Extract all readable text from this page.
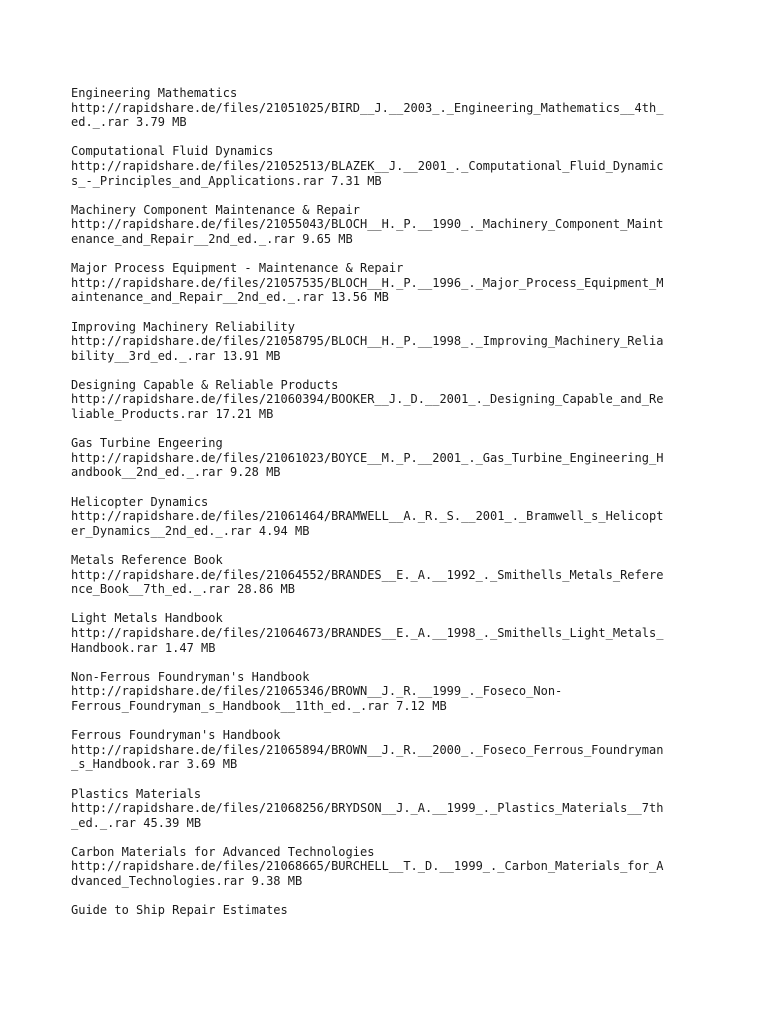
Engineering Mathematics
http://rapidshare.de/files/21051025/BIRD__J.__2003_._Engineering_Mathematics__4th_
ed._.rar 3.79 MB
Computational Fluid Dynamics
http://rapidshare.de/files/21052513/BLAZEK__J.__2001_._Computational_Fluid_Dynamic
s_-_Principles_and_Applications.rar 7.31 MB
Machinery Component Maintenance & Repair
http://rapidshare.de/files/21055043/BLOCH__H._P.__1990_._Machinery_Component_Maint
enance_and_Repair__2nd_ed._.rar 9.65 MB
Major Process Equipment - Maintenance & Repair
http://rapidshare.de/files/21057535/BLOCH__H._P.__1996_._Major_Process_Equipment_M
aintenance_and_Repair__2nd_ed._.rar 13.56 MB
Improving Machinery Reliability
http://rapidshare.de/files/21058795/BLOCH__H._P.__1998_._Improving_Machinery_Relia
bility__3rd_ed._.rar 13.91 MB
Designing Capable & Reliable Products
http://rapidshare.de/files/21060394/BOOKER__J._D.__2001_._Designing_Capable_and_Re
liable_Products.rar 17.21 MB
Gas Turbine Engeering
http://rapidshare.de/files/21061023/BOYCE__M._P.__2001_._Gas_Turbine_Engineering_H
andbook__2nd_ed._.rar 9.28 MB
Helicopter Dynamics
http://rapidshare.de/files/21061464/BRAMWELL__A._R._S.__2001_._Bramwell_s_Helicopt
er_Dynamics__2nd_ed._.rar 4.94 MB
Metals Reference Book
http://rapidshare.de/files/21064552/BRANDES__E._A.__1992_._Smithells_Metals_Refere
nce_Book__7th_ed._.rar 28.86 MB
Light Metals Handbook
http://rapidshare.de/files/21064673/BRANDES__E._A.__1998_._Smithells_Light_Metals_
Handbook.rar 1.47 MB
Non-Ferrous Foundryman's Handbook
http://rapidshare.de/files/21065346/BROWN__J._R.__1999_._Foseco_Non-
Ferrous_Foundryman_s_Handbook__11th_ed._.rar 7.12 MB
Ferrous Foundryman's Handbook
http://rapidshare.de/files/21065894/BROWN__J._R.__2000_._Foseco_Ferrous_Foundryman
_s_Handbook.rar 3.69 MB
Plastics Materials
http://rapidshare.de/files/21068256/BRYDSON__J._A.__1999_._Plastics_Materials__7th
_ed._.rar 45.39 MB
Carbon Materials for Advanced Technologies
http://rapidshare.de/files/21068665/BURCHELL__T._D.__1999_._Carbon_Materials_for_A
dvanced_Technologies.rar 9.38 MB
Guide to Ship Repair Estimates
